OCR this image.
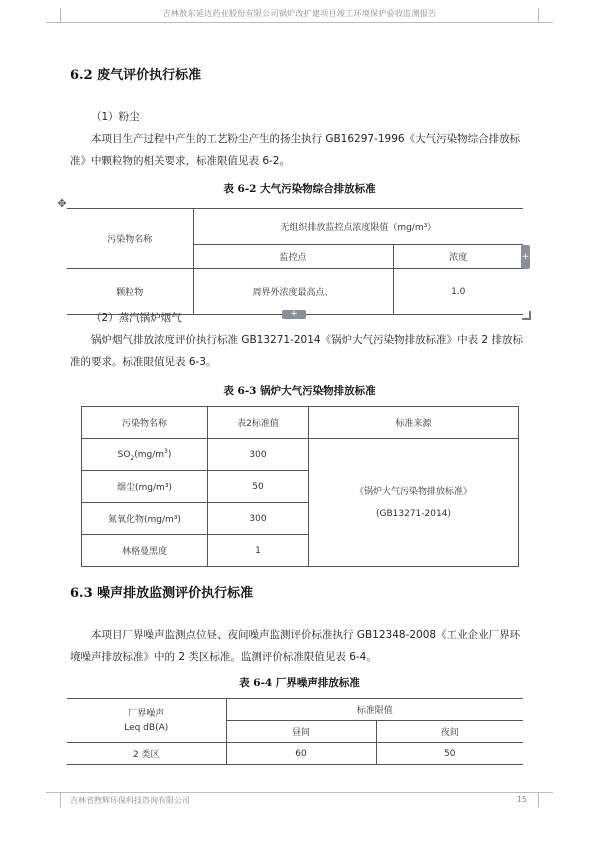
吉林敖东延边药业股份有限公司锅炉改扩建项目竣工环境保护验收监测报告
6.2 废气评价执行标准
（1）粉尘
本项目生产过程中产生的工艺粉尘产生的扬尘执行 GB16297-1996《大气污染物综合排放标准》中颗粒物的相关要求，标准限值见表 6-2。
表 6-2 大气污染物综合排放标准
✥
污染物名称	无组织排放监控点浓度限值（mg/m³）	
	监控点	浓度
颗粒物	周界外浓度最高点、	1.0
+
+
（2）蒸汽锅炉烟气
锅炉烟气排放浓度评价执行标准 GB13271-2014《锅炉大气污染物排放标准》中表 2 排放标准的要求。标准限值见表 6-3。
表 6-3 锅炉大气污染物排放标准
污染物名称	表2标准值	标准来源
$SO_2(mg/m^3)$	300	《锅炉大气污染物排放标准》
(GB13271-2014)

烟尘(mg/m³)	50	
氮氧化物(mg/m³)	300	
林格曼黑度	1	
6.3 噪声排放监测评价执行标准
本项目厂界噪声监测点位昼、夜间噪声监测评价标准执行 GB12348-2008《工业企业厂界环境噪声排放标准》中的 2 类区标准。监测评价标准限值见表 6-4。
表 6-4 厂界噪声排放标准
厂界噪声
Leq dB(A)	标准限值	
	昼间	夜间
2 类区	60	50
吉林省煦辉环保科技咨询有限公司	15
